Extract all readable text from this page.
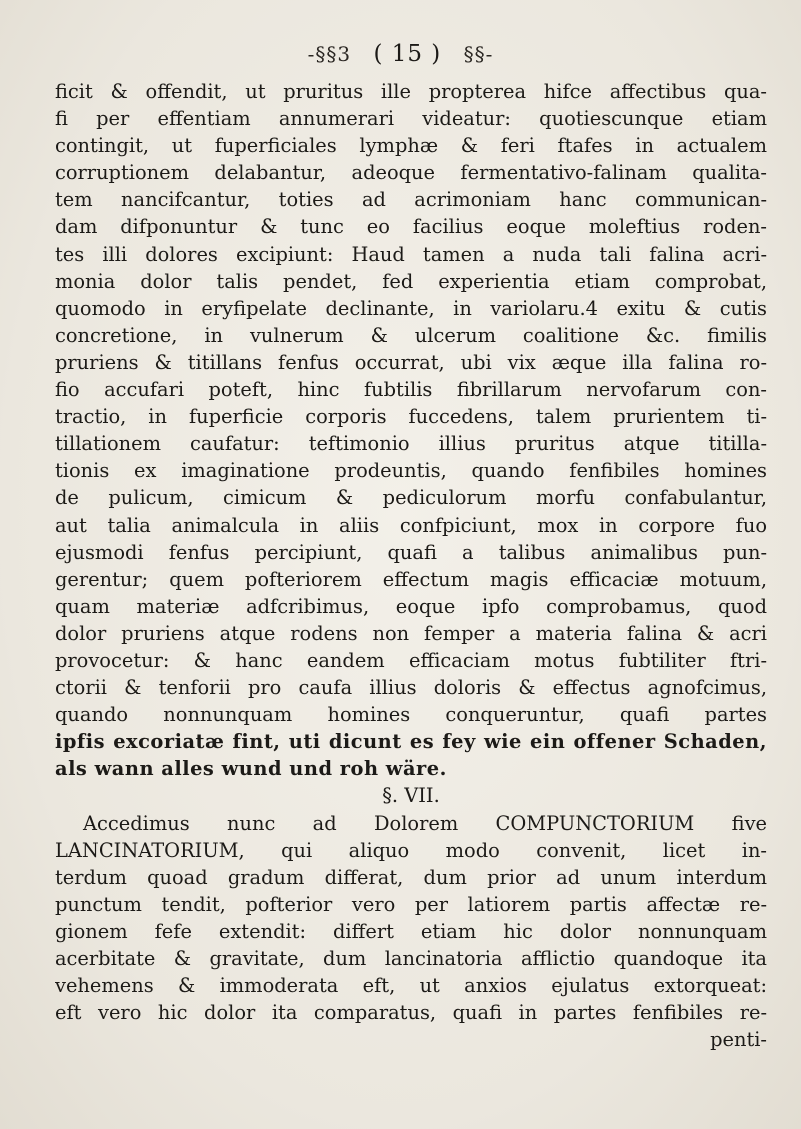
-§§3 ( 15 ) §§-
ficit & offendit, ut pruritus ille propterea hifce affectibus qua-
fi per effentiam annumerari videatur: quotiescunque etiam
contingit, ut fuperficiales lymphæ & feri ftafes in actualem
corruptionem delabantur, adeoque fermentativo-falinam qualita-
tem nancifcantur, toties ad acrimoniam hanc communican-
dam difponuntur & tunc eo facilius eoque moleftius roden-
tes illi dolores excipiunt: Haud tamen a nuda tali falina acri-
monia dolor talis pendet, fed experientia etiam comprobat,
quomodo in eryfipelate declinante, in variolaru.4 exitu & cutis
concretione, in vulnerum & ulcerum coalitione &c. fimilis
pruriens & titillans fenfus occurrat, ubi vix æque illa falina ro-
fio accufari poteft, hinc fubtilis fibrillarum nervofarum con-
tractio, in fuperficie corporis fuccedens, talem prurientem ti-
tillationem caufatur: teftimonio illius pruritus atque titilla-
tionis ex imaginatione prodeuntis, quando fenfibiles homines
de pulicum, cimicum & pediculorum morfu confabulantur,
aut talia animalcula in aliis confpiciunt, mox in corpore fuo
ejusmodi fenfus percipiunt, quafi a talibus animalibus pun-
gerentur; quem pofteriorem effectum magis efficaciæ motuum,
quam materiæ adfcribimus, eoque ipfo comprobamus, quod
dolor pruriens atque rodens non femper a materia falina & acri
provocetur: & hanc eandem efficaciam motus fubtiliter ftri-
ctorii & tenforii pro caufa illius doloris & effectus agnofcimus,
quando nonnunquam homines conqueruntur, quafi partes
ipfis excoriatæ fint, uti dicunt es fey wie ein offener Schaden,
als wann alles wund und roh wäre.
§. VII.
Accedimus nunc ad Dolorem COMPUNCTORIUM five
LANCINATORIUM, qui aliquo modo convenit, licet in-
terdum quoad gradum differat, dum prior ad unum interdum
punctum tendit, pofterior vero per latiorem partis affectæ re-
gionem fefe extendit: differt etiam hic dolor nonnunquam
acerbitate & gravitate, dum lancinatoria afflictio quandoque ita
vehemens & immoderata eft, ut anxios ejulatus extorqueat:
eft vero hic dolor ita comparatus, quafi in partes fenfibiles re-
penti-
